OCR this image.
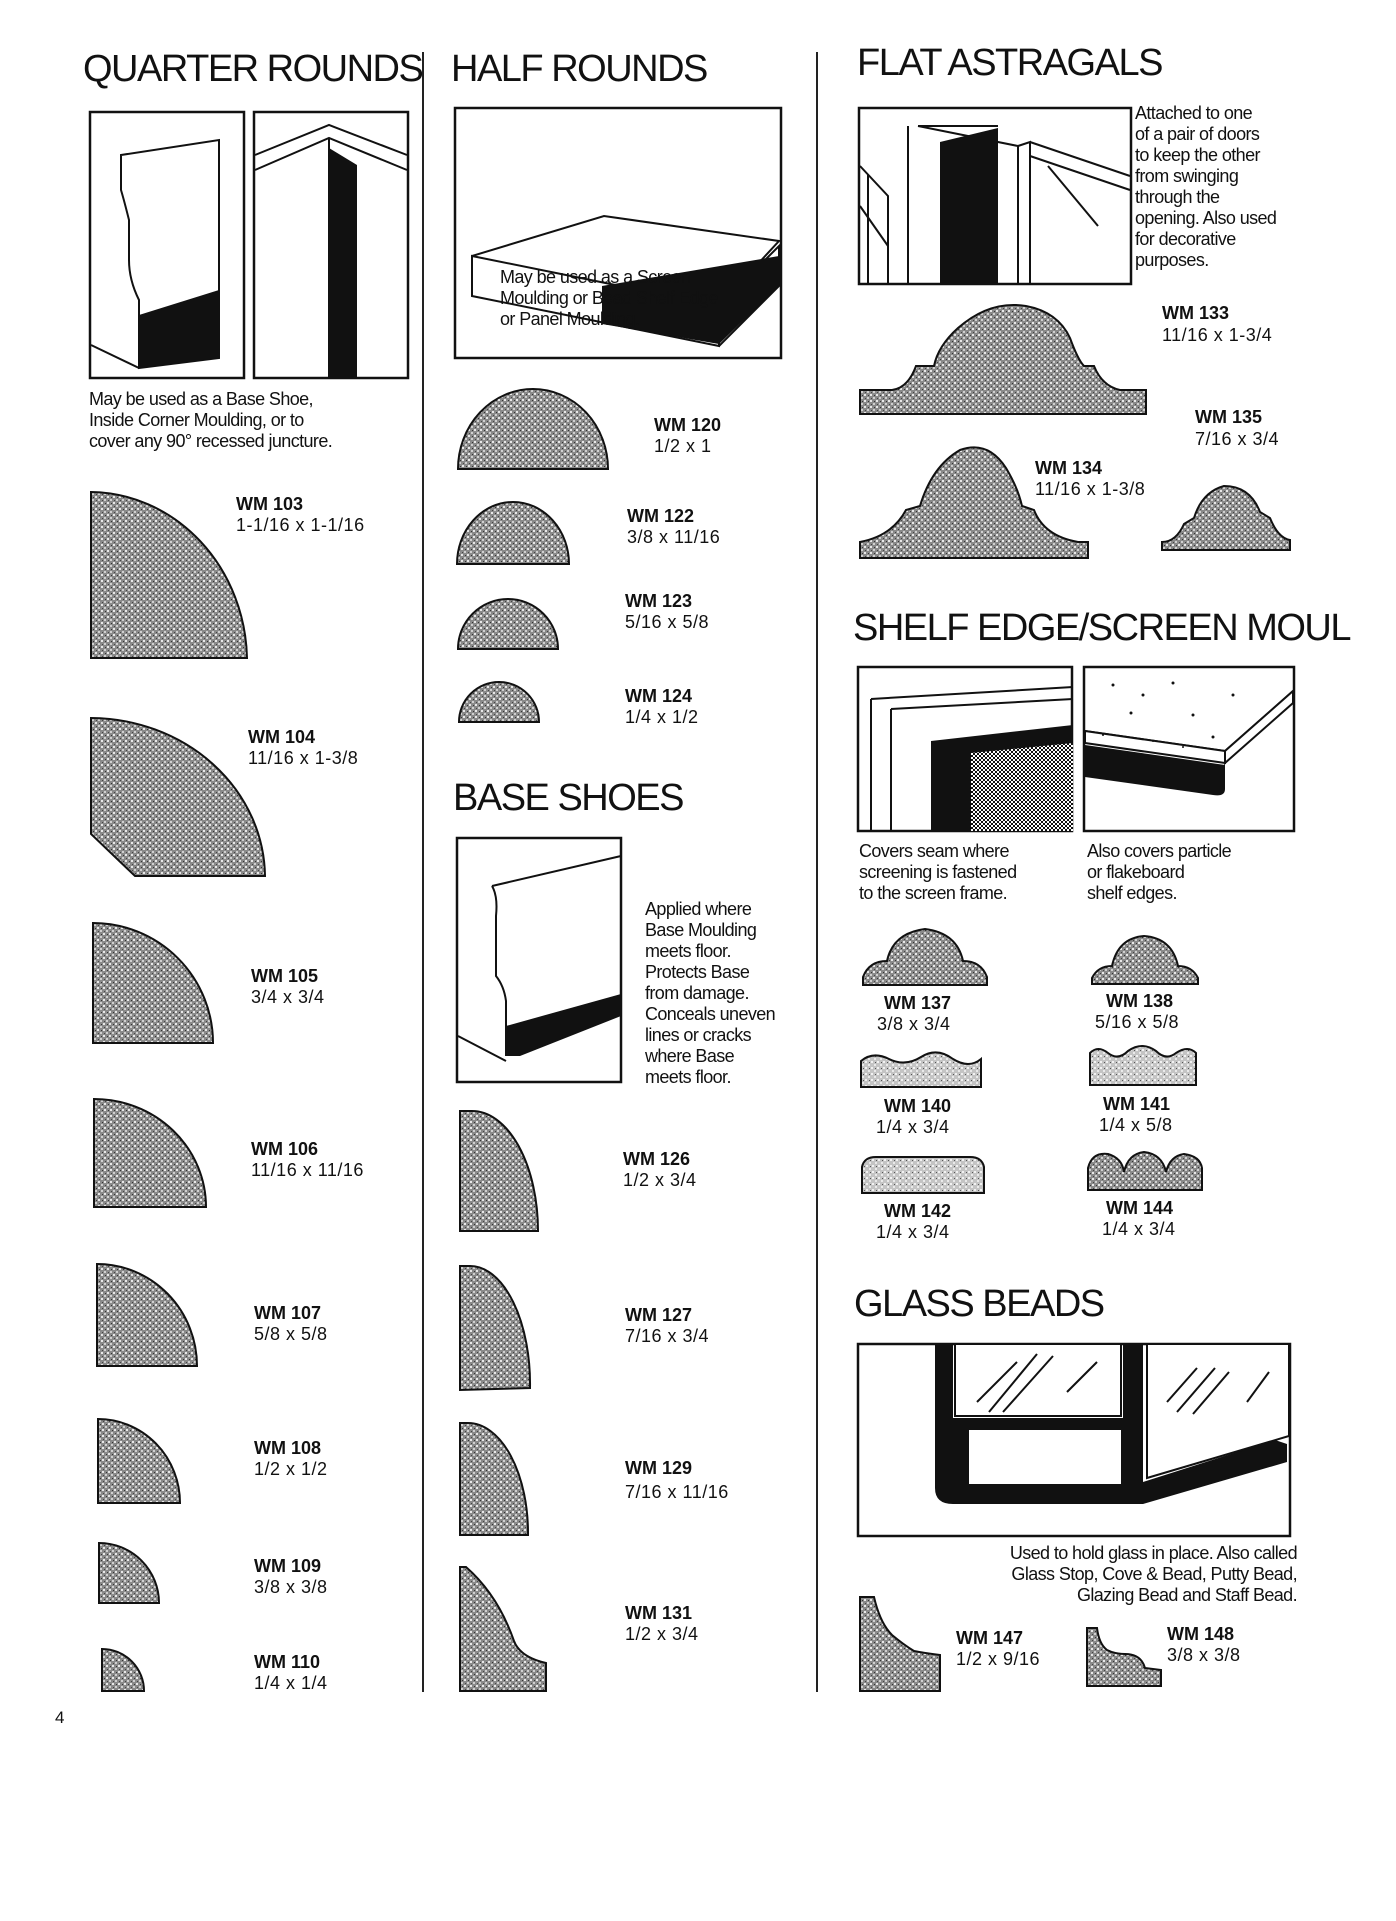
QUARTER ROUNDS
May be used as a Base Shoe,
Inside Corner Moulding, or to
cover any 90° recessed juncture.
WM 103
1-1/16 x 1-1/16
WM 104
11/16 x 1-3/8
WM 105
3/4 x 3/4
WM 106
11/16 x 11/16
WM 107
5/8 x 5/8
WM 108
1/2 x 1/2
WM 109
3/8 x 3/8
WM 110
1/4 x 1/4
HALF ROUNDS
May be used as a Screen
Moulding or Bead Shelf Edge
or Panel Moulding.
WM 120
1/2 x 1
WM 122
3/8 x 11/16
WM 123
5/16 x 5/8
WM 124
1/4 x 1/2
BASE SHOES
Applied where
Base Moulding
meets floor.
Protects Base
from damage.
Conceals uneven
lines or cracks
where Base
meets floor.
WM 126
1/2 x 3/4
WM 127
7/16 x 3/4
WM 129
7/16 x 11/16
WM 131
1/2 x 3/4
FLAT ASTRAGALS
Attached to one
of a pair of doors
to keep the other
from swinging
through the
opening. Also used
for decorative
purposes.
WM 133
11/16 x 1-3/4
WM 135
7/16 x 3/4
WM 134
11/16 x 1-3/8
SHELF EDGE/SCREEN MOUL
Covers seam where
screening is fastened
to the screen frame.
Also covers particle
or flakeboard
shelf edges.
WM 137
3/8 x 3/4
WM 138
5/16 x 5/8
WM 140
1/4 x 3/4
WM 141
1/4 x 5/8
WM 142
1/4 x 3/4
WM 144
1/4 x 3/4
GLASS BEADS
Used to hold glass in place. Also called
Glass Stop, Cove & Bead, Putty Bead,
Glazing Bead and Staff Bead.
WM 147
1/2 x 9/16
WM 148
3/8 x 3/8
4
